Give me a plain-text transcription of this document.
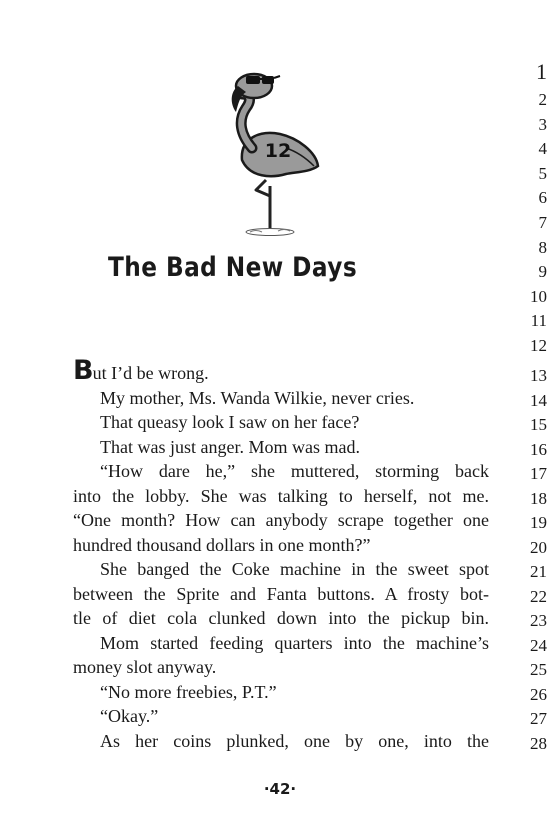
12
The Bad New Days
But I’d be wrong.
My mother, Ms. Wanda Wilkie, never cries.
That queasy look I saw on her face?
That was just anger. Mom was mad.
“How dare he,” she muttered, storming back
into the lobby. She was talking to herself, not me.
“One month? How can anybody scrape together one
hundred thousand dollars in one month?”
She banged the Coke machine in the sweet spot
between the Sprite and Fanta buttons. A frosty bot-
tle of diet cola clunked down into the pickup bin.
Mom started feeding quarters into the machine’s
money slot anyway.
“No more freebies, P.T.”
“Okay.”
As her coins plunked, one by one, into the
1
2
3
4
5
6
7
8
9
10
11
12
13
14
15
16
17
18
19
20
21
22
23
24
25
26
27
28
·42·
